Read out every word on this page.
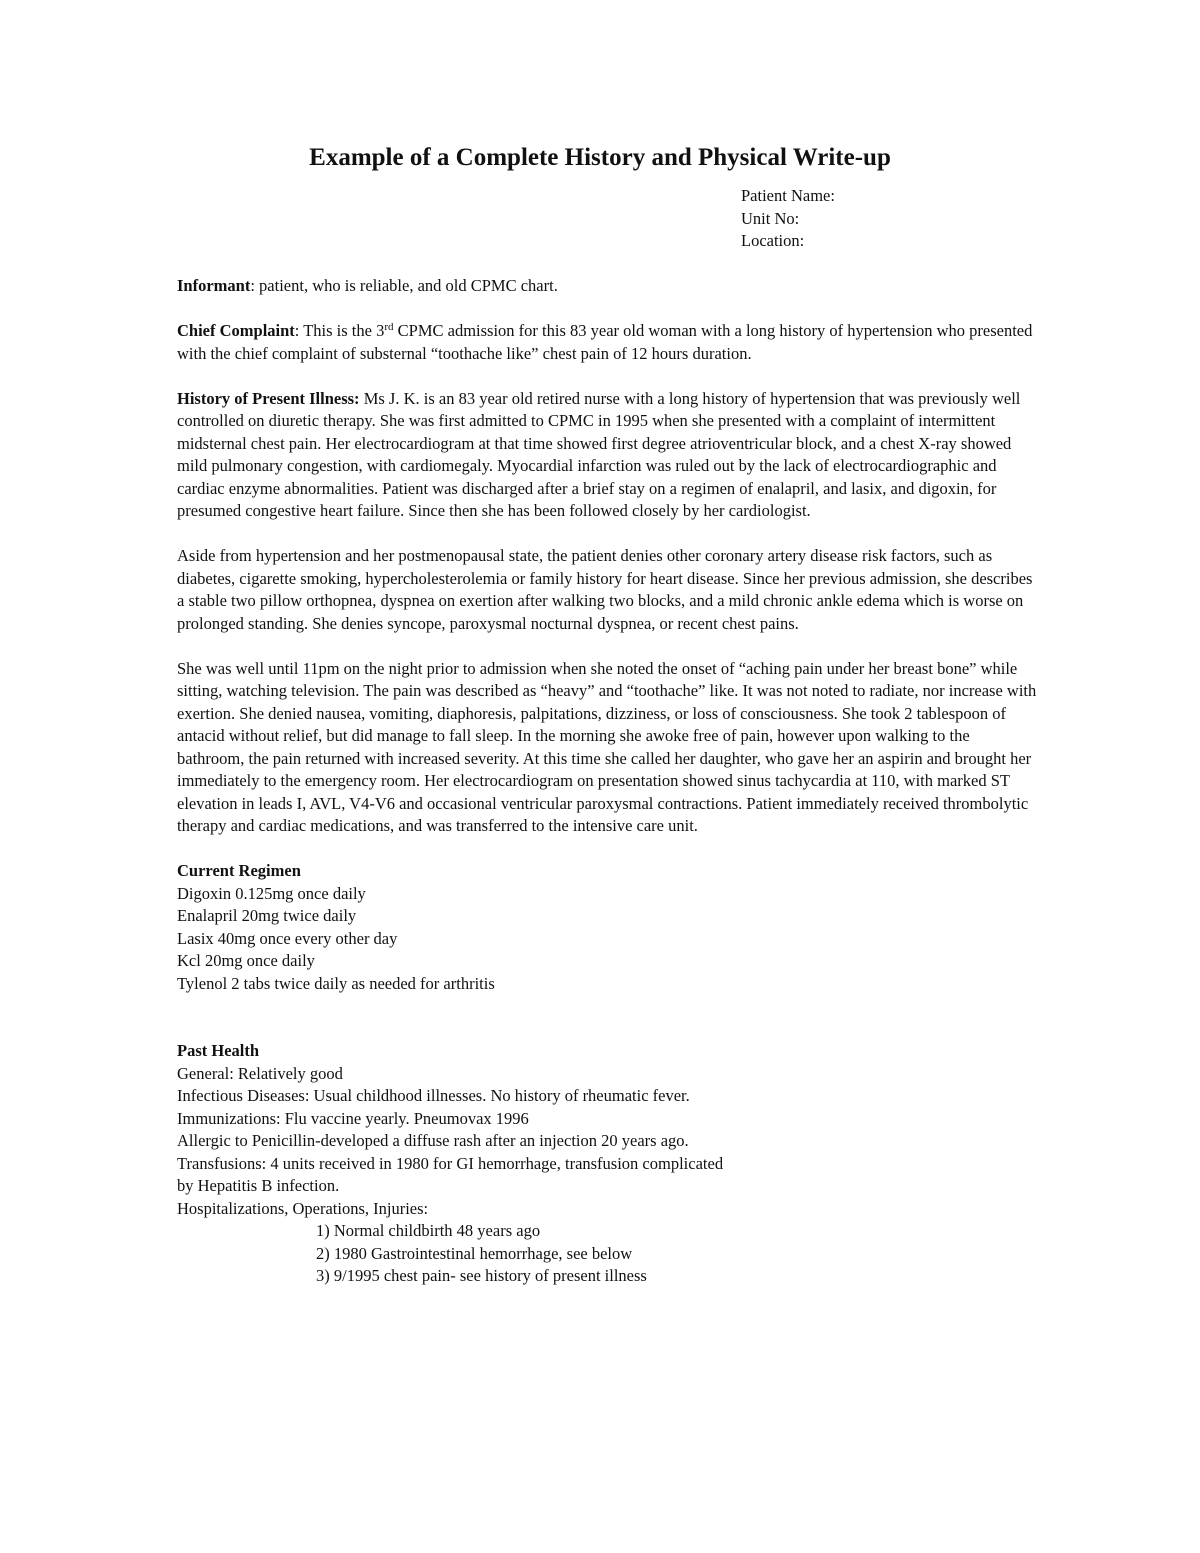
Example of a Complete History and Physical Write-up
Patient Name:
Unit No:
Location:

Informant: patient, who is reliable, and old CPMC chart.

Chief Complaint: This is the 3rd CPMC admission for this 83 year old woman with a long history of hypertension who presented with the chief complaint of substernal “toothache like” chest pain of 12 hours duration.

History of Present Illness: Ms J. K. is an 83 year old retired nurse with a long history of hypertension that was previously well controlled on diuretic therapy. She was first admitted to CPMC in 1995 when she presented with a complaint of intermittent midsternal chest pain. Her electrocardiogram at that time showed first degree atrioventricular block, and a chest X-ray showed mild pulmonary congestion, with cardiomegaly. Myocardial infarction was ruled out by the lack of electrocardiographic and cardiac enzyme abnormalities. Patient was discharged after a brief stay on a regimen of enalapril, and lasix, and digoxin, for presumed congestive heart failure. Since then she has been followed closely by her cardiologist.

Aside from hypertension and her postmenopausal state, the patient denies other coronary artery disease risk factors, such as diabetes, cigarette smoking, hypercholesterolemia or family history for heart disease. Since her previous admission, she describes a stable two pillow orthopnea, dyspnea on exertion after walking two blocks, and a mild chronic ankle edema which is worse on prolonged standing. She denies syncope, paroxysmal nocturnal dyspnea, or recent chest pains.

She was well until 11pm on the night prior to admission when she noted the onset of “aching pain under her breast bone” while sitting, watching television. The pain was described as “heavy” and “toothache” like. It was not noted to radiate, nor increase with exertion. She denied nausea, vomiting, diaphoresis, palpitations, dizziness, or loss of consciousness. She took 2 tablespoon of antacid without relief, but did manage to fall sleep. In the morning she awoke free of pain, however upon walking to the bathroom, the pain returned with increased severity. At this time she called her daughter, who gave her an aspirin and brought her immediately to the emergency room. Her electrocardiogram on presentation showed sinus tachycardia at 110, with marked ST elevation in leads I, AVL, V4-V6 and occasional ventricular paroxysmal contractions. Patient immediately received thrombolytic therapy and cardiac medications, and was transferred to the intensive care unit.

Current Regimen
Digoxin 0.125mg once daily
Enalapril 20mg twice daily
Lasix 40mg once every other day
Kcl 20mg once daily
Tylenol 2 tabs twice daily as needed for arthritis
Past Health
General: Relatively good
Infectious Diseases: Usual childhood illnesses. No history of rheumatic fever.
Immunizations: Flu vaccine yearly. Pneumovax 1996
Allergic to Penicillin-developed a diffuse rash after an injection 20 years ago.
Transfusions: 4 units received in 1980 for GI hemorrhage, transfusion complicated
by Hepatitis B infection.
Hospitalizations, Operations, Injuries:
1) Normal childbirth 48 years ago
2) 1980 Gastrointestinal hemorrhage, see below
3) 9/1995 chest pain- see history of present illness
